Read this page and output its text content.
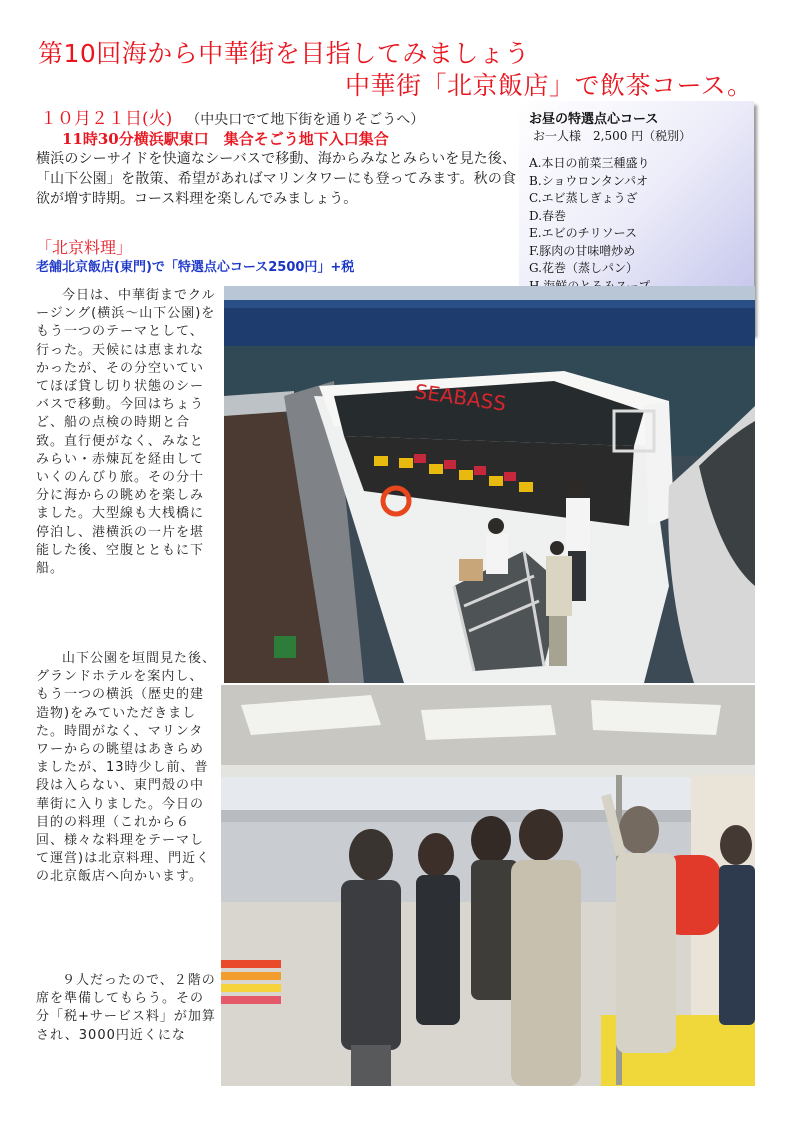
第10回海から中華街を目指してみましょう
中華街「北京飯店」で飲茶コース。
１０月２１日(火) （中央口でて地下街を通りそごうへ）
11時30分横浜駅東口　集合そごう地下入口集合

横浜のシーサイドを快適なシーバスで移動、海からみなとみらいを見た後、「山下公園」を散策、希望があればマリンタワーにも登ってみます。秋の食欲が増す時期。コース料理を楽しんでみましょう。

「北京料理」
老舗北京飯店(東門)で「特選点心コース2500円」+税
お昼の特選点心コース
お一人様　2,500 円（税別）
A.本日の前菜三種盛り
B.ショウロンタンパオ
C.エビ蒸しぎょうざ
D.春巻
E.エビのチリソース
F.豚肉の甘味噌炒め
G.花巻（蒸しパン）

今日は、中華街までクルージング(横浜～山下公園)をもう一つのテーマとして、行った。天候には恵まれなかったが、その分空いていてほぼ貸し切り状態のシーバスで移動。今回はちょうど、船の点検の時期と合致。直行便がなく、みなとみらい・赤煉瓦を経由していくのんびり旅。その分十分に海からの眺めを楽しみました。大型線も大桟橋に停泊し、港横浜の一片を堪能した後、空腹とともに下船。

山下公園を垣間見た後、グランドホテルを案内し、もう一つの横浜（歴史的建造物)をみていただきました。時間がなく、マリンタワーからの眺望はあきらめましたが、13時少し前、普段は入らない、東門殻の中華街に入りました。今日の目的の料理（これから６回、様々な料理をテーマして運営)は北京料理、門近くの北京飯店へ向かいます。

９人だったので、２階の席を準備してもらう。その分「税+サービス料」が加算され、3000円近くにな

SEABASS
